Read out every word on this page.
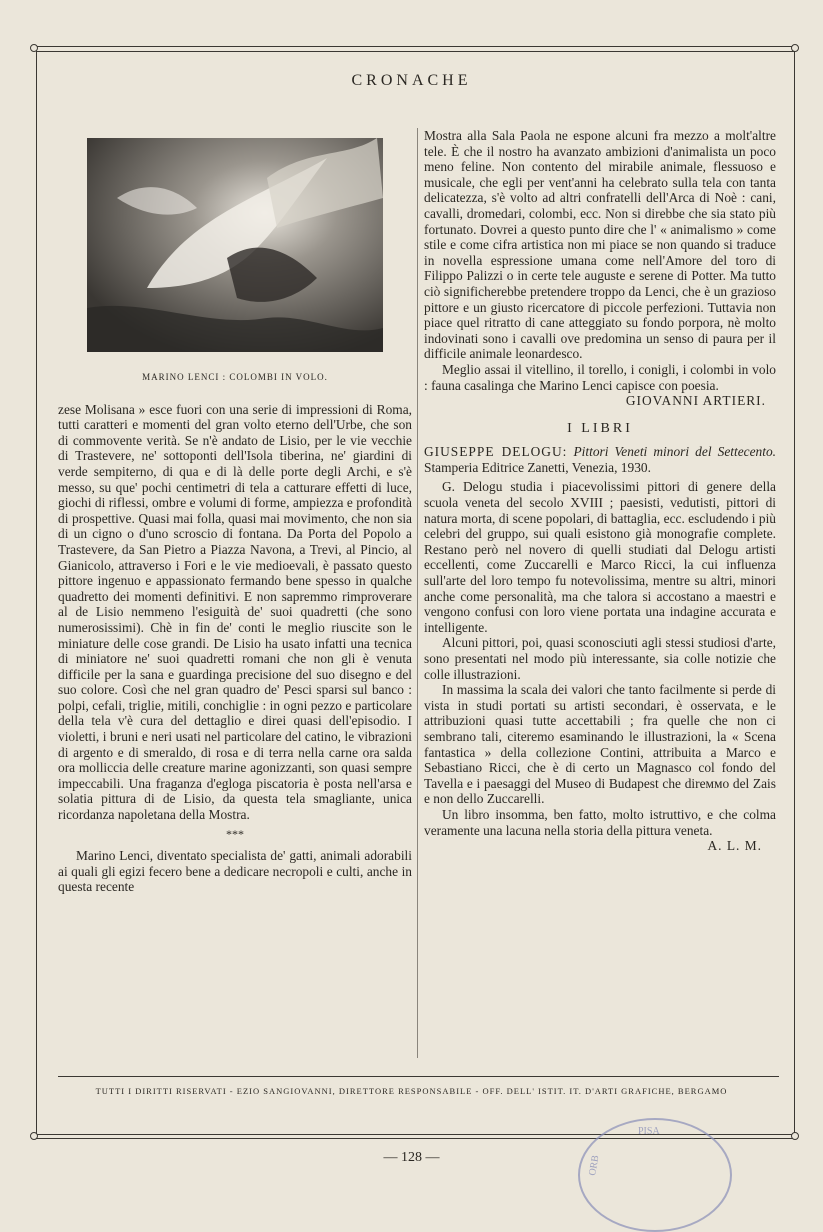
CRONACHE
MARINO LENCI : COLOMBI IN VOLO.

zese Molisana » esce fuori con una serie di impressioni di Roma, tutti caratteri e momenti del gran volto eterno dell'Urbe, che son di commovente verità. Se n'è andato de Lisio, per le vie vecchie di Trastevere, ne' sottoponti dell'Isola tiberina, ne' giardini di verde sempiterno, di qua e di là delle porte degli Archi, e s'è messo, su que' pochi centimetri di tela a catturare effetti di luce, giochi di riflessi, ombre e volumi di forme, ampiezza e profondità di prospettive. Quasi mai folla, quasi mai movimento, che non sia di un cigno o d'uno scroscio di fontana. Da Porta del Popolo a Trastevere, da San Pietro a Piazza Navona, a Trevi, al Pincio, al Gianicolo, attraverso i Fori e le vie medioevali, è passato questo pittore ingenuo e appassionato fermando bene spesso in qualche quadretto dei momenti definitivi. E non sapremmo rimproverare al de Lisio nemmeno l'esiguità de' suoi quadretti (che sono numerosissimi). Chè in fin de' conti le meglio riuscite son le miniature delle cose grandi. De Lisio ha usato infatti una tecnica di miniatore ne' suoi quadretti romani che non gli è venuta difficile per la sana e guardinga precisione del suo disegno e del suo colore. Così che nel gran quadro de' Pesci sparsi sul banco : polpi, cefali, triglie, mitili, conchiglie : in ogni pezzo e particolare della tela v'è cura del dettaglio e direi quasi dell'episodio. I violetti, i bruni e neri usati nel particolare del catino, le vibrazioni di argento e di smeraldo, di rosa e di terra nella carne ora salda ora molliccia delle creature marine agonizzanti, son quasi sempre impeccabili. Una fraganza d'egloga piscatoria è posta nell'arsa e solatia pittura di de Lisio, da questa tela smagliante, unica ricordanza napoletana della Mostra.

***

Marino Lenci, diventato specialista de' gatti, animali adorabili ai quali gli egizi fecero bene a dedicare necropoli e culti, anche in questa recente

Mostra alla Sala Paola ne espone alcuni fra mezzo a molt'altre tele. È che il nostro ha avanzato ambizioni d'animalista un poco meno feline. Non contento del mirabile animale, flessuoso e musicale, che egli per vent'anni ha celebrato sulla tela con tanta delicatezza, s'è volto ad altri confratelli dell'Arca di Noè : cani, cavalli, dromedari, colombi, ecc. Non si direbbe che sia stato più fortunato. Dovrei a questo punto dire che l' « animalismo » come stile e come cifra artistica non mi piace se non quando si traduce in novella espressione umana come nell'Amore del toro di Filippo Palizzi o in certe tele auguste e serene di Potter. Ma tutto ciò significherebbe pretendere troppo da Lenci, che è un grazioso pittore e un giusto ricercatore di piccole perfezioni. Tuttavia non piace quel ritratto di cane atteggiato su fondo porpora, nè molto indovinati sono i cavalli ove predomina un senso di paura per il difficile animale leonardesco.

Meglio assai il vitellino, il torello, i conigli, i colombi in volo : fauna casalinga che Marino Lenci capisce con poesia.

GIOVANNI ARTIERI.
I LIBRI

GIUSEPPE DELOGU: Pittori Veneti minori del Settecento. Stamperia Editrice Zanetti, Venezia, 1930.

G. Delogu studia i piacevolissimi pittori di genere della scuola veneta del secolo XVIII ; paesisti, vedutisti, pittori di natura morta, di scene popolari, di battaglia, ecc. escludendo i più celebri del gruppo, sui quali esistono già monografie complete. Restano però nel novero di quelli studiati dal Delogu artisti eccellenti, come Zuccarelli e Marco Ricci, la cui influenza sull'arte del loro tempo fu notevolissima, mentre su altri, minori anche come personalità, ma che talora si accostano a maestri e vengono confusi con loro viene portata una indagine accurata e intelligente.

Alcuni pittori, poi, quasi sconosciuti agli stessi studiosi d'arte, sono presentati nel modo più interessante, sia colle notizie che colle illustrazioni.

In massima la scala dei valori che tanto facilmente si perde di vista in studi portati su artisti secondari, è osservata, e le attribuzioni quasi tutte accettabili ; fra quelle che non ci sembrano tali, citeremo esaminando le illustrazioni, la « Scena fantastica » della collezione Contini, attribuita a Marco e Sebastiano Ricci, che è di certo un Magnasco col fondo del Tavella e i paesaggi del Museo di Budapest che direммо del Zais e non dello Zuccarelli.

Un libro insomma, ben fatto, molto istruttivo, e che colma veramente una lacuna nella storia della pittura veneta.

A. L. M.
TUTTI I DIRITTI RISERVATI - EZIO SANGIOVANNI, DIRETTORE RESPONSABILE - OFF. DELL' ISTIT. IT. D'ARTI GRAFICHE, BERGAMO
— 128 —
PISA
ORB
